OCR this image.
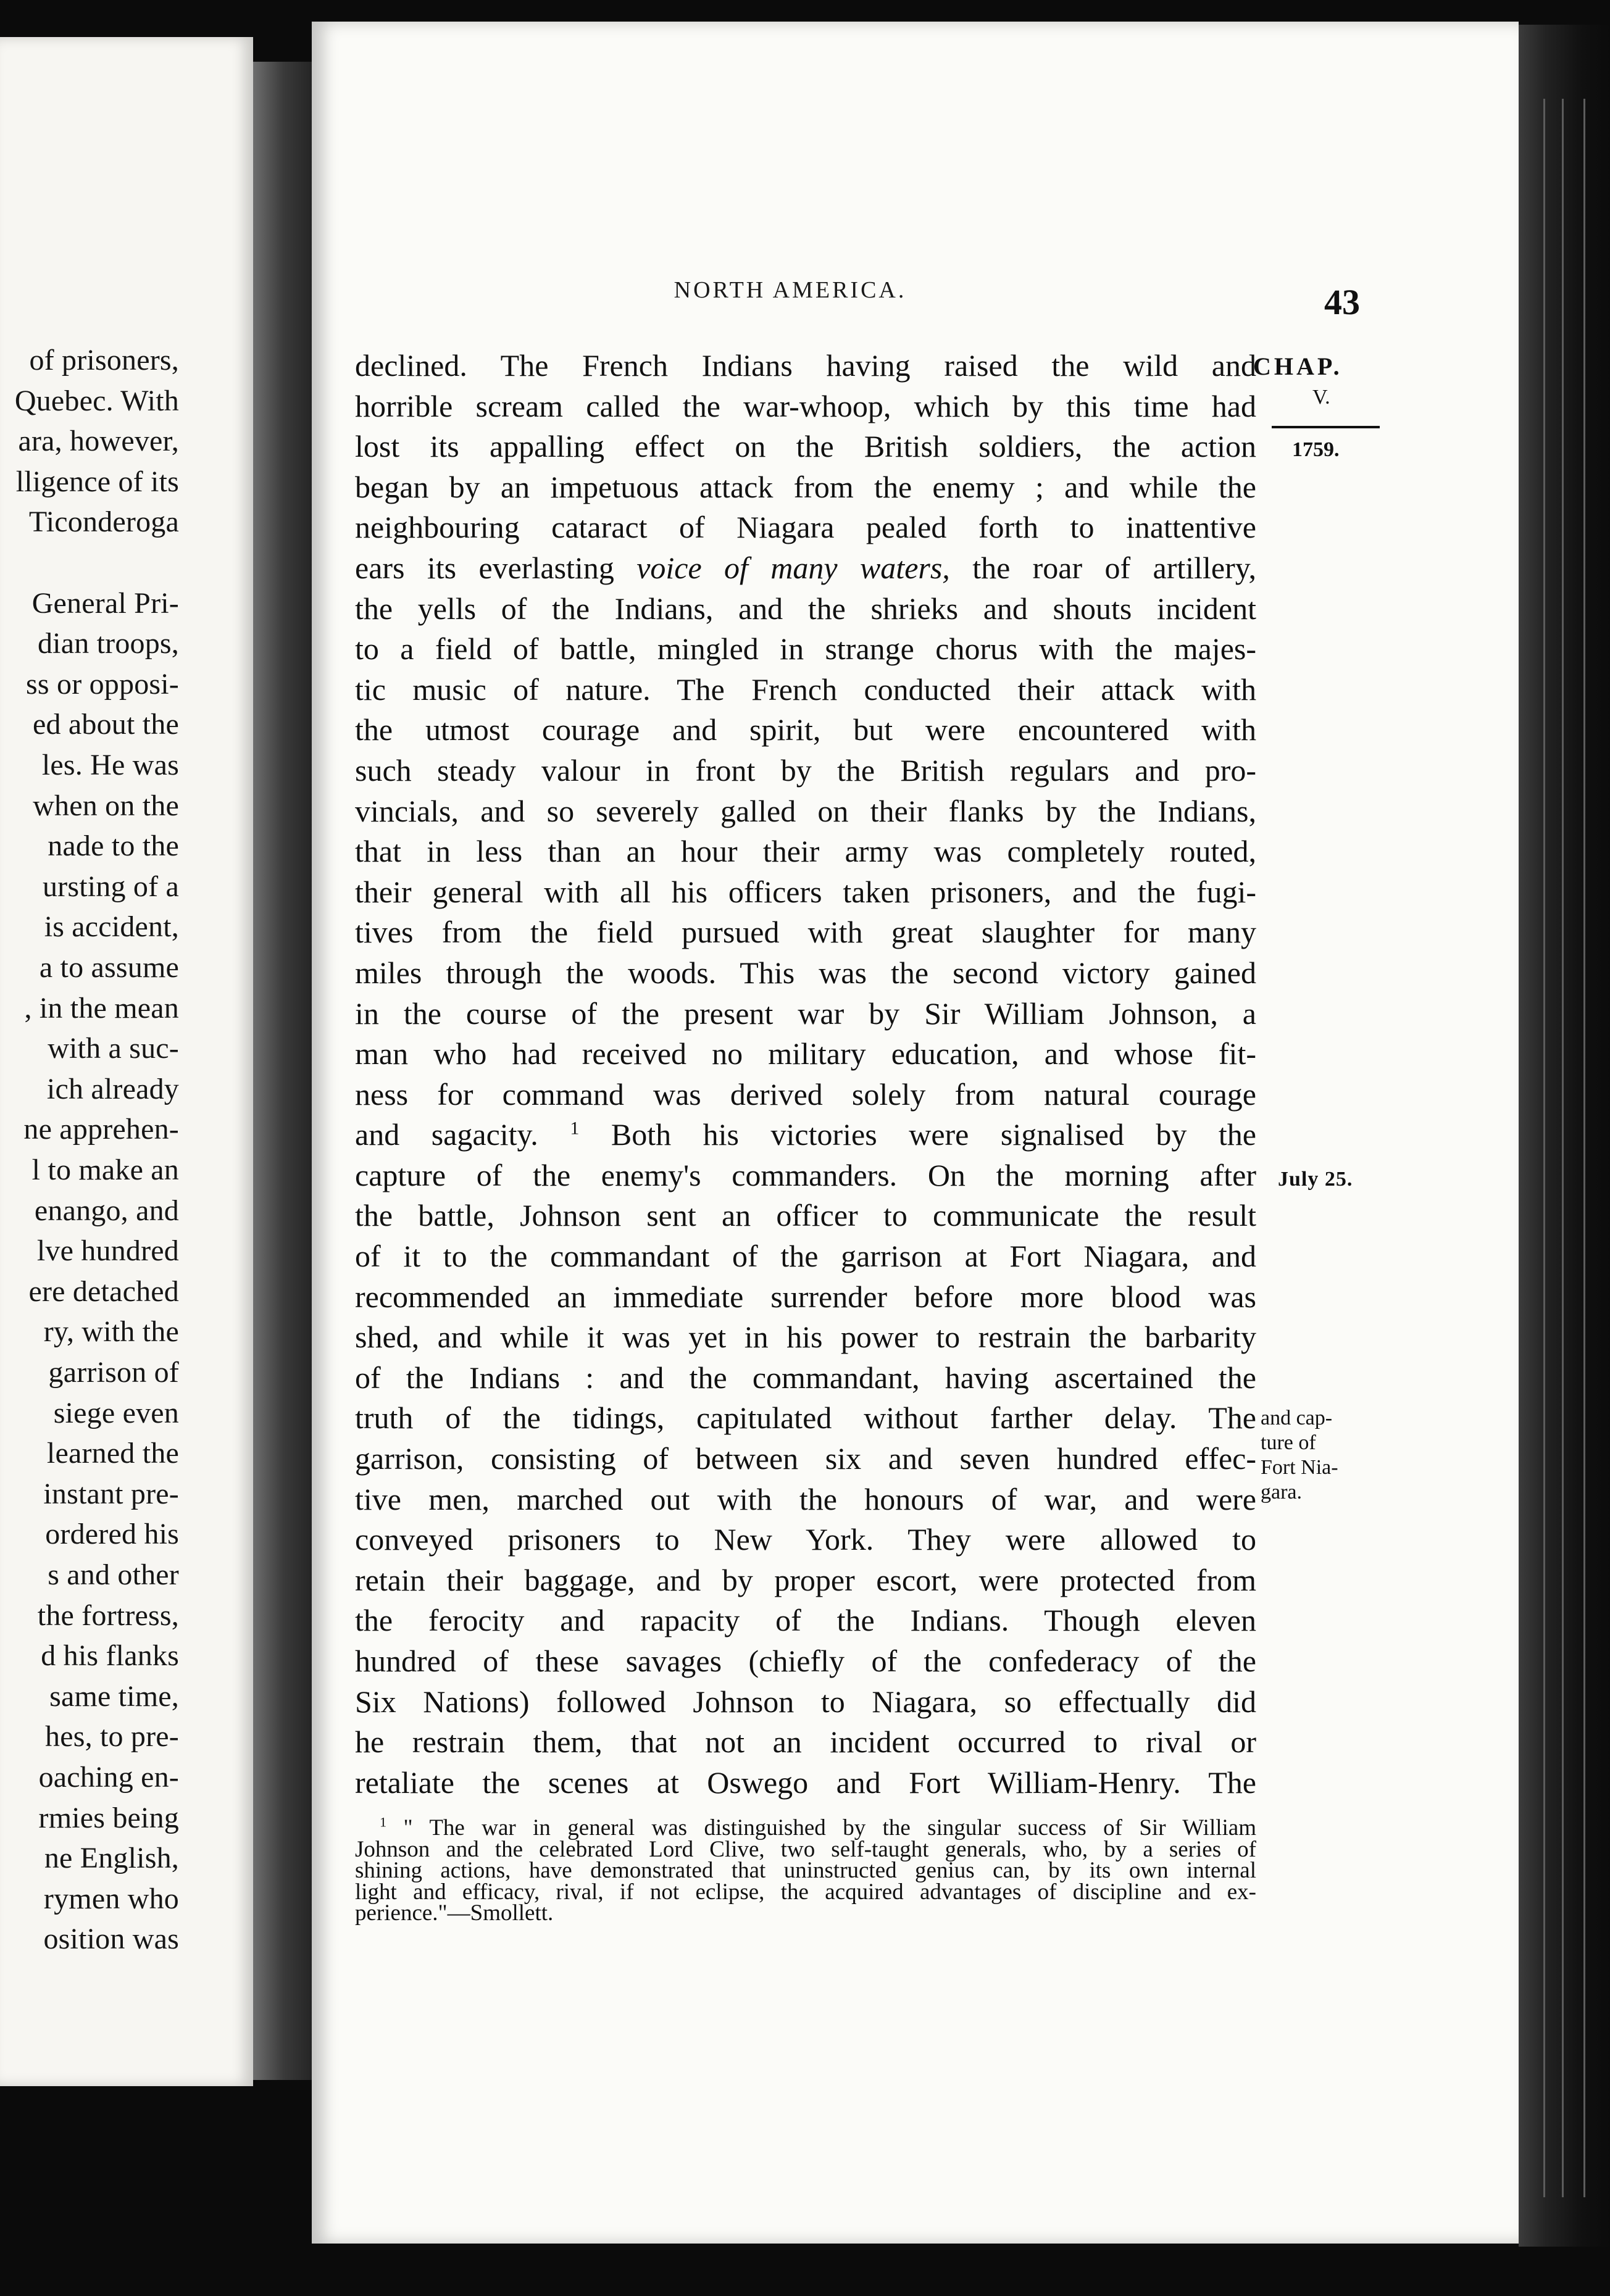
of prisoners,
Quebec. With
ara, however,
lligence of its
Ticonderoga
General Pri-
dian troops,
ss or opposi-
ed about the
les. He was
when on the
nade to the
ursting of a
is accident,
a to assume
, in the mean
with a suc-
ich already
ne apprehen-
l to make an
enango, and
lve hundred
ere detached
ry, with the
garrison of
siege even
learned the
instant pre-
ordered his
s and other
the fortress,
d his flanks
same time,
hes, to pre-
oaching en-
rmies being
ne English,
rymen who
osition was
NORTH AMERICA.	43
CHAP.
V.
1759.
July 25.
and cap-
ture of
Fort Nia-
gara.
declined. The French Indians having raised the wild and
horrible scream called the war-whoop, which by this time had
lost its appalling effect on the British soldiers, the action
began by an impetuous attack from the enemy ; and while the
neighbouring cataract of Niagara pealed forth to inattentive
ears its everlasting voice of many waters, the roar of artillery,
the yells of the Indians, and the shrieks and shouts incident
to a field of battle, mingled in strange chorus with the majes-
tic music of nature. The French conducted their attack with
the utmost courage and spirit, but were encountered with
such steady valour in front by the British regulars and pro-
vincials, and so severely galled on their flanks by the Indians,
that in less than an hour their army was completely routed,
their general with all his officers taken prisoners, and the fugi-
tives from the field pursued with great slaughter for many
miles through the woods. This was the second victory gained
in the course of the present war by Sir William Johnson, a
man who had received no military education, and whose fit-
ness for command was derived solely from natural courage
and sagacity. $^1$ Both his victories were signalised by the
capture of the enemy's commanders. On the morning after
the battle, Johnson sent an officer to communicate the result
of it to the commandant of the garrison at Fort Niagara, and
recommended an immediate surrender before more blood was
shed, and while it was yet in his power to restrain the barbarity
of the Indians : and the commandant, having ascertained the
truth of the tidings, capitulated without farther delay. The
garrison, consisting of between six and seven hundred effec-
tive men, marched out with the honours of war, and were
conveyed prisoners to New York. They were allowed to
retain their baggage, and by proper escort, were protected from
the ferocity and rapacity of the Indians. Though eleven
hundred of these savages (chiefly of the confederacy of the
Six Nations) followed Johnson to Niagara, so effectually did
he restrain them, that not an incident occurred to rival or
retaliate the scenes at Oswego and Fort William-Henry. The
$^1$ " The war in general was distinguished by the singular success of Sir William
Johnson and the celebrated Lord Clive, two self-taught generals, who, by a series of
shining actions, have demonstrated that uninstructed genius can, by its own internal
light and efficacy, rival, if not eclipse, the acquired advantages of discipline and ex-
perience."—Smollett.
